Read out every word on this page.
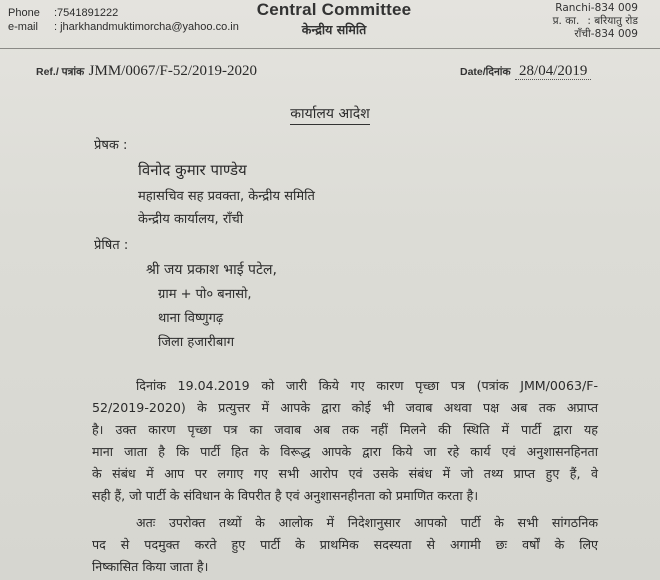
Phone	:7541891222
e-mail	: jharkhandmuktimorcha@yahoo.co.in
Central Committee
केन्द्रीय समिति
Ranchi-834 009
प्र. का. : बरियातु रोड
राँची-834 009
Ref./ पत्रांक JMM/0067/F-52/2019-2020	Date/दिनांक 28/04/2019
कार्यालय आदेश
प्रेषक :
विनोद कुमार पाण्डेय
महासचिव सह प्रवक्ता, केन्द्रीय समिति
केन्द्रीय कार्यालय, राँची
प्रेषित :
श्री जय प्रकाश भाई पटेल,
ग्राम + पो० बनासो,
थाना विष्णुगढ़
जिला हजारीबाग
दिनांक 19.04.2019 को जारी किये गए कारण पृच्छा पत्र (पत्रांक JMM/0063/F-
52/2019-2020) के प्रत्युत्तर में आपके द्वारा कोई भी जवाब अथवा पक्ष अब तक अप्राप्त
है। उक्त कारण पृच्छा पत्र का जवाब अब तक नहीं मिलने की स्थिति में पार्टी द्वारा यह
माना जाता है कि पार्टी हित के विरूद्ध आपके द्वारा किये जा रहे कार्य एवं अनुशासनहिनता
के संबंध में आप पर लगाए गए सभी आरोप एवं उसके संबंध में जो तथ्य प्राप्त हुए हैं, वे
सही हैं, जो पार्टी के संविधान के विपरीत है एवं अनुशासनहीनता को प्रमाणित करता है।
अतः उपरोक्त तथ्यों के आलोक में निदेशानुसार आपको पार्टी के सभी सांगठनिक
पद से पदमुक्त करते हुए पार्टी के प्राथमिक सदस्यता से अगामी छः वर्षों के लिए
निष्कासित किया जाता है।
